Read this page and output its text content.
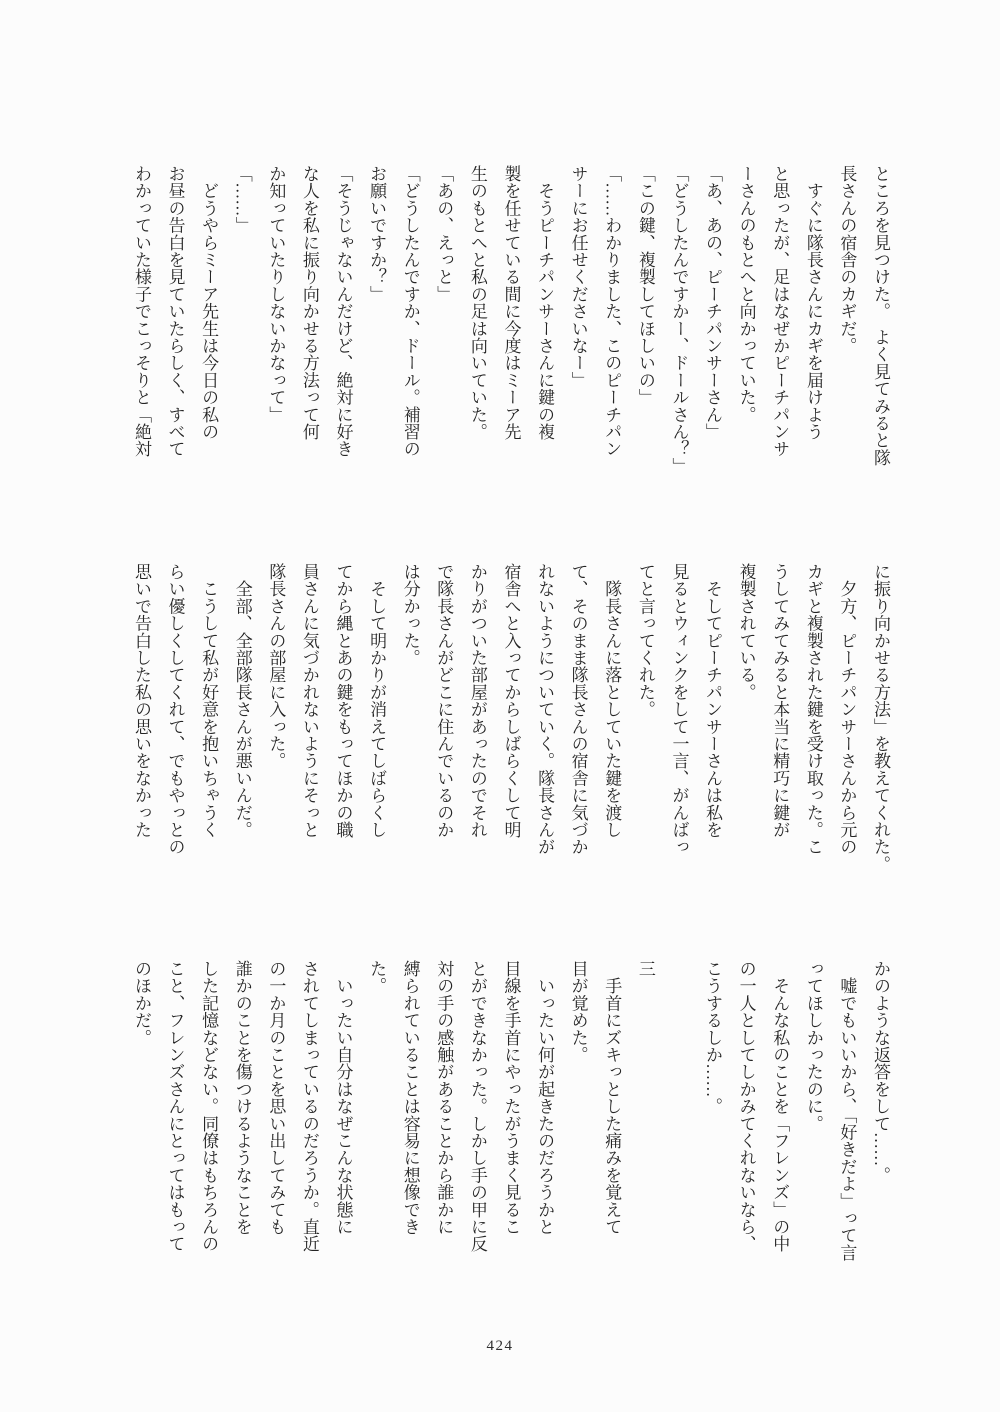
ところを見つけた。　よく見てみると隊

長さんの宿舎のカギだ。

　すぐに隊長さんにカギを届けよう

と思ったが、足はなぜかピーチパンサ

ーさんのもとへと向かっていた。

「あ、あの、ピーチパンサーさん」

「どうしたんですかー、ドールさん？」

「この鍵、複製してほしいの」

「……わかりました、このピーチパン

サーにお任せくださいなー」

　そうピーチパンサーさんに鍵の複

製を任せている間に今度はミーア先

生のもとへと私の足は向いていた。

「あの、えっと」

「どうしたんですか、ドール。補習の

お願いですか？」

「そうじゃないんだけど、絶対に好き

な人を私に振り向かせる方法って何

か知っていたりしないかなって」

「……」

　どうやらミーア先生は今日の私の

お昼の告白を見ていたらしく、すべて

わかっていた様子でこっそりと「絶対

に振り向かせる方法」を教えてくれた。

　夕方、ピーチパンサーさんから元の

カギと複製された鍵を受け取った。こ

うしてみてみると本当に精巧に鍵が

複製されている。

　そしてピーチパンサーさんは私を

見るとウィンクをして一言、がんばっ

てと言ってくれた。

　隊長さんに落としていた鍵を渡し

て、そのまま隊長さんの宿舎に気づか

れないようについていく。隊長さんが

宿舎へと入ってからしばらくして明

かりがついた部屋があったのでそれ

で隊長さんがどこに住んでいるのか

は分かった。

　そして明かりが消えてしばらくし

てから縄とあの鍵をもってほかの職

員さんに気づかれないようにそっと

隊長さんの部屋に入った。

　全部、全部隊長さんが悪いんだ。

　こうして私が好意を抱いちゃうく

らい優しくしてくれて、でもやっとの

思いで告白した私の思いをなかった

かのような返答をして……。

　嘘でもいいから、「好きだよ」って言

ってほしかったのに。

　そんな私のことを「フレンズ」の中

の一人としてしかみてくれないなら、

こうするしか……。

三

　手首にズキっとした痛みを覚えて

目が覚めた。

　いったい何が起きたのだろうかと

目線を手首にやったがうまく見るこ

とができなかった。しかし手の甲に反

対の手の感触があることから誰かに

縛られていることは容易に想像でき

た。

　いったい自分はなぜこんな状態に

されてしまっているのだろうか。直近

の一か月のことを思い出してみても

誰かのことを傷つけるようなことを

した記憶などない。同僚はもちろんの

こと、フレンズさんにとってはもって

のほかだ。

424
